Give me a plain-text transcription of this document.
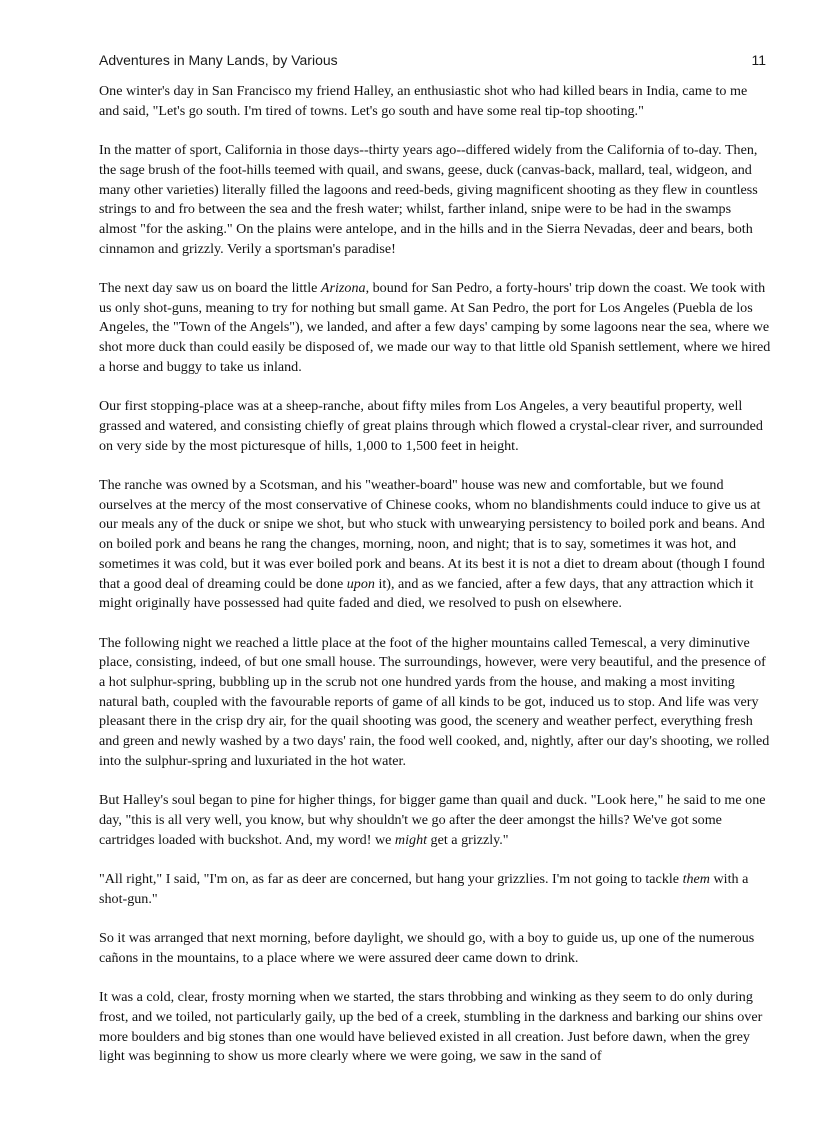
Adventures in Many Lands, by Various	11

One winter's day in San Francisco my friend Halley, an enthusiastic shot who had killed bears in India, came to me and said, "Let's go south. I'm tired of towns. Let's go south and have some real tip-top shooting."

In the matter of sport, California in those days--thirty years ago--differed widely from the California of to-day. Then, the sage brush of the foot-hills teemed with quail, and swans, geese, duck (canvas-back, mallard, teal, widgeon, and many other varieties) literally filled the lagoons and reed-beds, giving magnificent shooting as they flew in countless strings to and fro between the sea and the fresh water; whilst, farther inland, snipe were to be had in the swamps almost "for the asking." On the plains were antelope, and in the hills and in the Sierra Nevadas, deer and bears, both cinnamon and grizzly. Verily a sportsman's paradise!

The next day saw us on board the little Arizona, bound for San Pedro, a forty-hours' trip down the coast. We took with us only shot-guns, meaning to try for nothing but small game. At San Pedro, the port for Los Angeles (Puebla de los Angeles, the "Town of the Angels"), we landed, and after a few days' camping by some lagoons near the sea, where we shot more duck than could easily be disposed of, we made our way to that little old Spanish settlement, where we hired a horse and buggy to take us inland.

Our first stopping-place was at a sheep-ranche, about fifty miles from Los Angeles, a very beautiful property, well grassed and watered, and consisting chiefly of great plains through which flowed a crystal-clear river, and surrounded on very side by the most picturesque of hills, 1,000 to 1,500 feet in height.

The ranche was owned by a Scotsman, and his "weather-board" house was new and comfortable, but we found ourselves at the mercy of the most conservative of Chinese cooks, whom no blandishments could induce to give us at our meals any of the duck or snipe we shot, but who stuck with unwearying persistency to boiled pork and beans. And on boiled pork and beans he rang the changes, morning, noon, and night; that is to say, sometimes it was hot, and sometimes it was cold, but it was ever boiled pork and beans. At its best it is not a diet to dream about (though I found that a good deal of dreaming could be done upon it), and as we fancied, after a few days, that any attraction which it might originally have possessed had quite faded and died, we resolved to push on elsewhere.

The following night we reached a little place at the foot of the higher mountains called Temescal, a very diminutive place, consisting, indeed, of but one small house. The surroundings, however, were very beautiful, and the presence of a hot sulphur-spring, bubbling up in the scrub not one hundred yards from the house, and making a most inviting natural bath, coupled with the favourable reports of game of all kinds to be got, induced us to stop. And life was very pleasant there in the crisp dry air, for the quail shooting was good, the scenery and weather perfect, everything fresh and green and newly washed by a two days' rain, the food well cooked, and, nightly, after our day's shooting, we rolled into the sulphur-spring and luxuriated in the hot water.

But Halley's soul began to pine for higher things, for bigger game than quail and duck. "Look here," he said to me one day, "this is all very well, you know, but why shouldn't we go after the deer amongst the hills? We've got some cartridges loaded with buckshot. And, my word! we might get a grizzly."

"All right," I said, "I'm on, as far as deer are concerned, but hang your grizzlies. I'm not going to tackle them with a shot-gun."

So it was arranged that next morning, before daylight, we should go, with a boy to guide us, up one of the numerous cañons in the mountains, to a place where we were assured deer came down to drink.

It was a cold, clear, frosty morning when we started, the stars throbbing and winking as they seem to do only during frost, and we toiled, not particularly gaily, up the bed of a creek, stumbling in the darkness and barking our shins over more boulders and big stones than one would have believed existed in all creation. Just before dawn, when the grey light was beginning to show us more clearly where we were going, we saw in the sand of
